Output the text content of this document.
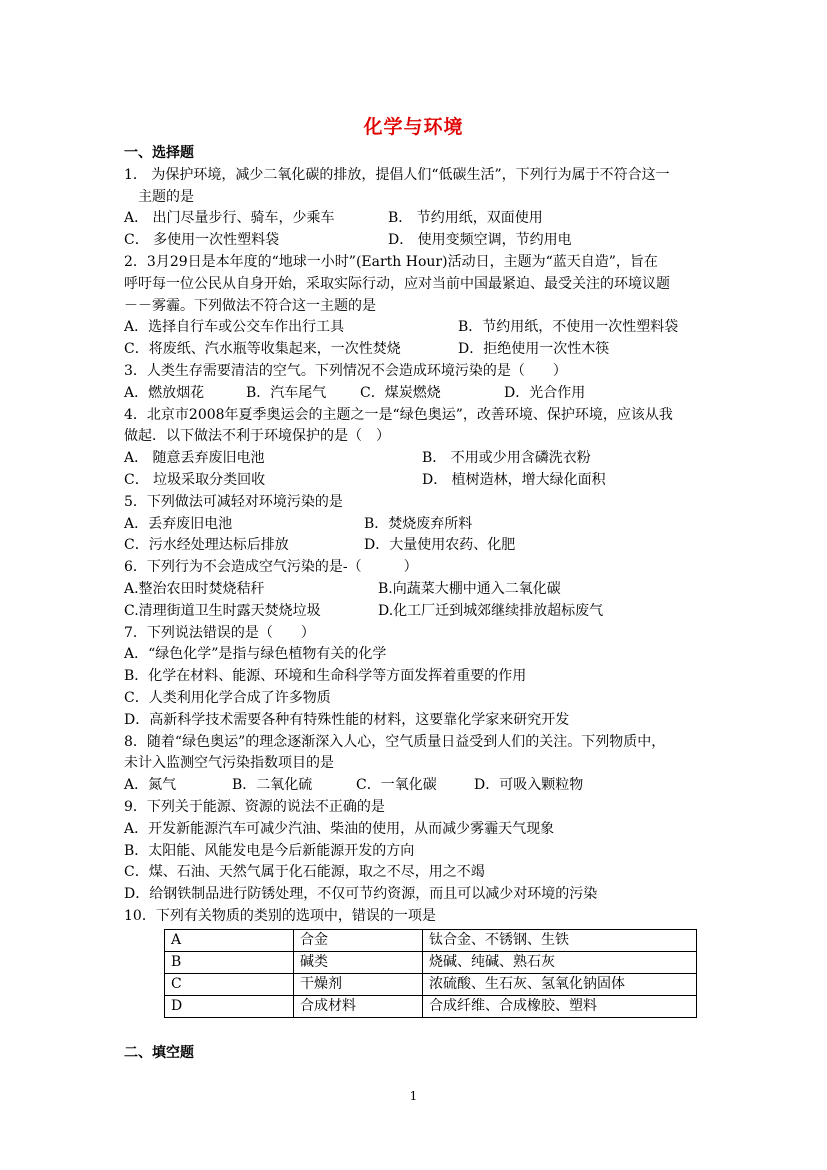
化学与环境
一、选择题
1． 为保护环境，减少二氧化碳的排放，提倡人们“低碳生活”，下列行为属于不符合这一
主题的是
A． 出门尽量步行、骑车，少乘车	B． 节约用纸，双面使用
C． 多使用一次性塑料袋	D． 使用变频空调，节约用电
2．3月29日是本年度的“地球一小时”(Earth Hour)活动日，主题为“蓝天自造”，旨在
呼吁每一位公民从自身开始，采取实际行动，应对当前中国最紧迫、最受关注的环境议题
－－雾霾。下列做法不符合这一主题的是
A．选择自行车或公交车作出行工具	B．节约用纸，不使用一次性塑料袋
C．将废纸、汽水瓶等收集起来，一次性焚烧	D．拒绝使用一次性木筷
3．人类生存需要清洁的空气。下列情况不会造成环境污染的是（　　）
A．燃放烟花	B．汽车尾气	C．煤炭燃烧	D．光合作用
4．北京市2008年夏季奥运会的主题之一是“绿色奥运”，改善环境、保护环境，应该从我
做起．以下做法不利于环境保护的是（　）
A． 随意丢弃废旧电池	B． 不用或少用含磷洗衣粉
C． 垃圾采取分类回收	D． 植树造林，增大绿化面积
5．下列做法可减轻对环境污染的是
A．丢弃废旧电池	B．焚烧废弃所料
C．污水经处理达标后排放	D．大量使用农药、化肥
6．下列行为不会造成空气污染的是-（　　　）
A.整治农田时焚烧秸秆	B.向蔬菜大棚中通入二氧化碳
C.清理街道卫生时露天焚烧垃圾	D.化工厂迁到城郊继续排放超标废气
7．下列说法错误的是（　　）
A．“绿色化学”是指与绿色植物有关的化学
B．化学在材料、能源、环境和生命科学等方面发挥着重要的作用
C．人类利用化学合成了许多物质
D．高新科学技术需要各种有特殊性能的材料，这要靠化学家来研究开发
8．随着“绿色奥运”的理念逐渐深入人心，空气质量日益受到人们的关注。下列物质中，
未计入监测空气污染指数项目的是
A．氮气	B．二氧化硫	C．一氧化碳	D．可吸入颗粒物
9．下列关于能源、资源的说法不正确的是
A．开发新能源汽车可减少汽油、柴油的使用，从而减少雾霾天气现象
B．太阳能、风能发电是今后新能源开发的方向
C．煤、石油、天然气属于化石能源，取之不尽，用之不竭
D．给钢铁制品进行防锈处理，不仅可节约资源，而且可以减少对环境的污染
10．下列有关物质的类别的选项中，错误的一项是
A	合金	钛合金、不锈钢、生铁
B	碱类	烧碱、纯碱、熟石灰
C	干燥剂	浓硫酸、生石灰、氢氧化钠固体
D	合成材料	合成纤维、合成橡胶、塑料
二、填空题
1
